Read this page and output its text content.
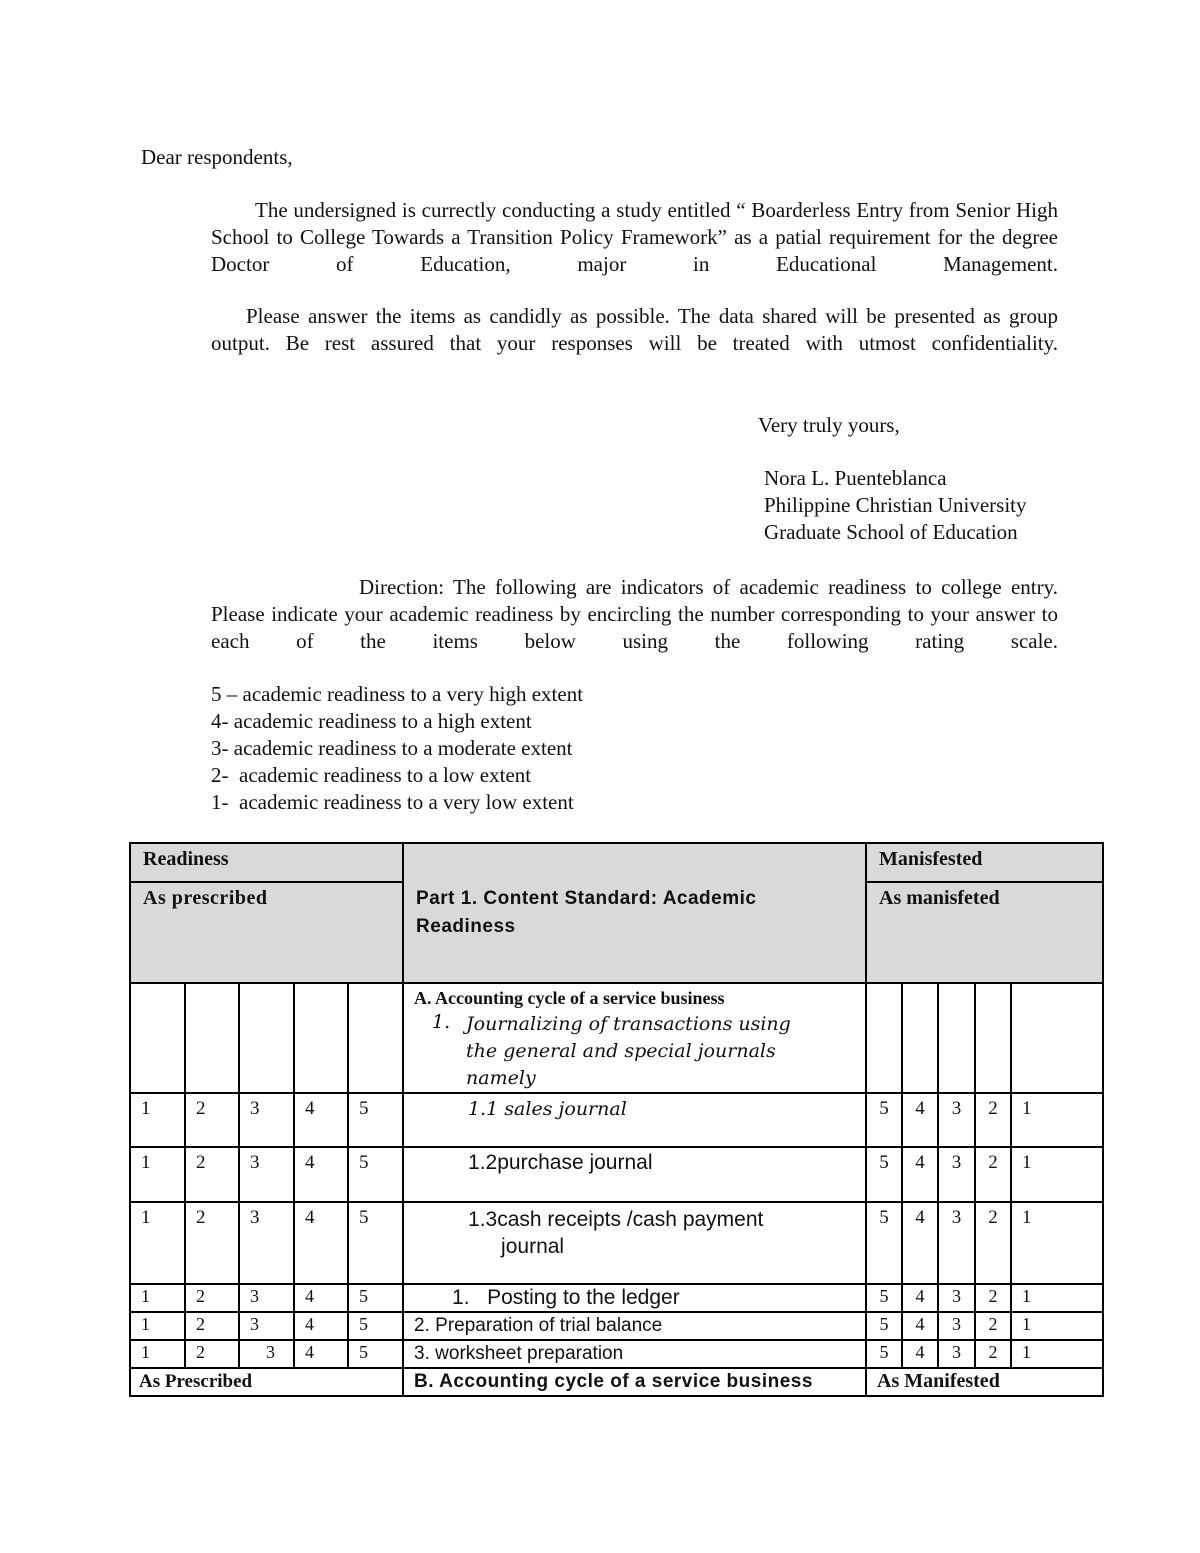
Dear respondents,
The undersigned is currectly conducting a study entitled “ Boarderless Entry from Senior High School to College Towards a Transition Policy Framework” as a patial requirement for the degree Doctor of Education, major in Educational Management.
Please answer the items as candidly as possible. The data shared will be presented as group output. Be rest assured that your responses will be treated with utmost confidentiality.
Very truly yours,
Nora L. Puenteblanca
Philippine Christian University
Graduate School of Education
Direction: The following are indicators of academic readiness to college entry. Please indicate your academic readiness by encircling the number corresponding to your answer to each of the items below using the following rating scale.
5 – academic readiness to a very high extent
4- academic readiness to a high extent
3- academic readiness to a moderate extent
2-  academic readiness to a low extent
1-  academic readiness to a very low extent
Readiness					Part 1. Content Standard: Academic Readiness	Manisfested				
As prescribed						As manisfeted				

					A. Accounting cycle of a service business
1. Journalizing of transactions using the general and special journals namely					

1	2	3	4	5	1.1 sales journal	5	4	3	2	1
1	2	3	4	5	1.2purchase journal	5	4	3	2	1
1	2	3	4	5	1.3cash receipts /cash payment journal	5	4	3	2	1
1	2	3	4	5	1.   Posting to the ledger	5	4	3	2	1
1	2	3	4	5	2. Preparation of trial balance	5	4	3	2	1
1	2	3	4	5	3. worksheet preparation	5	4	3	2	1
As Prescribed					B. Accounting cycle of a service business	As Manifested				
